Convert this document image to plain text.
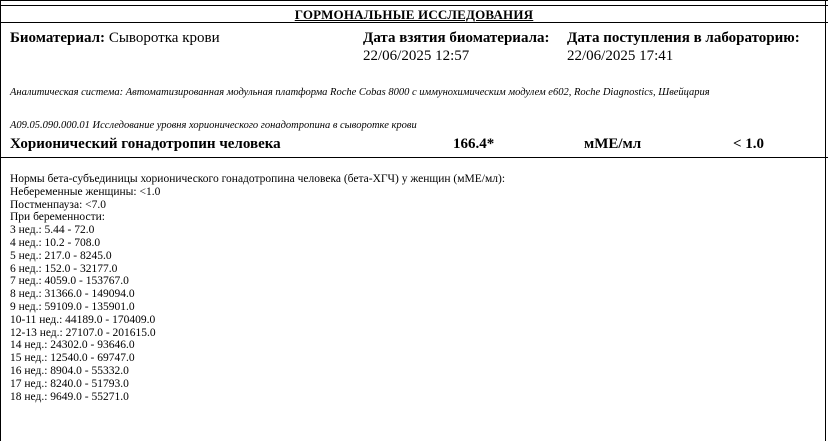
ГОРМОНАЛЬНЫЕ ИССЛЕДОВАНИЯ
Биоматериал: Сыворотка крови	Дата взятия биоматериала:
22/06/2025 12:57
Дата поступления в лабораторию:
22/06/2025 17:41
Аналитическая система: Автоматизированная модульная платформа Roche Cobas 8000 с иммунохимическим модулем e602, Roche Diagnostics, Швейцария
A09.05.090.000.01 Исследование уровня хорионического гонадотропина в сыворотке крови
Хорионический гонадотропин человека	166.4*	мМЕ/мл	< 1.0
Нормы бета-субъединицы хорионического гонадотропина человека (бета-ХГЧ) у женщин (мМЕ/мл):
Небеременные женщины: <1.0
Постменпауза: <7.0
При беременности:
3 нед.: 5.44 - 72.0
4 нед.: 10.2 - 708.0
5 нед.: 217.0 - 8245.0
6 нед.: 152.0 - 32177.0
7 нед.: 4059.0 - 153767.0
8 нед.: 31366.0 - 149094.0
9 нед.: 59109.0 - 135901.0
10-11 нед.: 44189.0 - 170409.0
12-13 нед.: 27107.0 - 201615.0
14 нед.: 24302.0 - 93646.0
15 нед.: 12540.0 - 69747.0
16 нед.: 8904.0 - 55332.0
17 нед.: 8240.0 - 51793.0
18 нед.: 9649.0 - 55271.0
